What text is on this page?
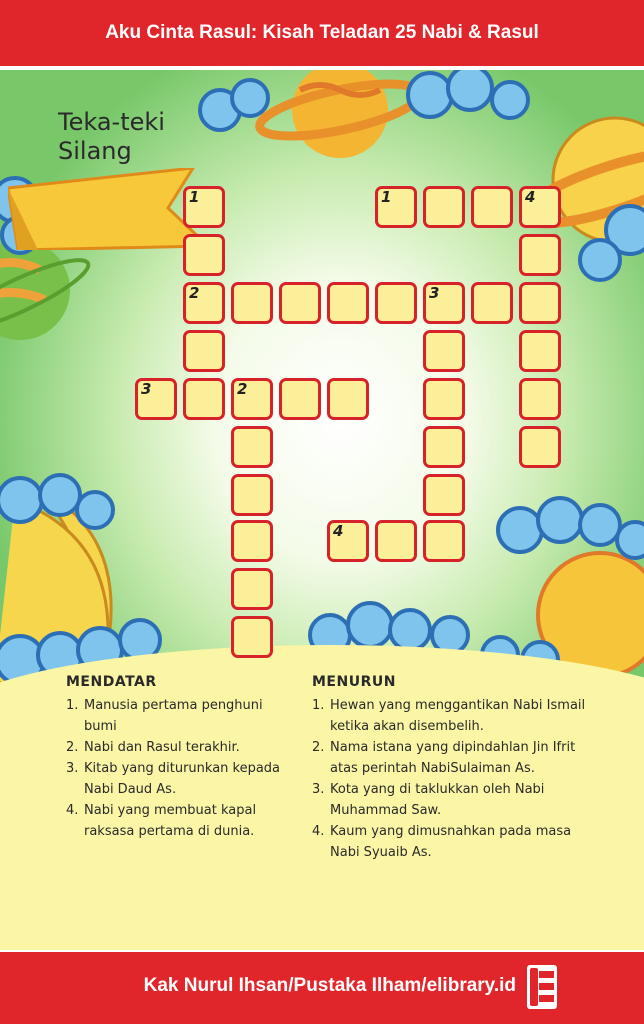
Aku Cinta Rasul: Kisah Teladan 25 Nabi & Rasul
Teka-teki
Silang
1
2	3
1	4
3	2
4
MENDATAR
1. Manusia pertama penghuni bumi
2. Nabi dan Rasul terakhir.
3. Kitab yang diturunkan kepada Nabi Daud As.
4. Nabi yang membuat kapal raksasa pertama di dunia.
MENURUN
1. Hewan yang menggantikan Nabi Ismail ketika akan disembelih.
2. Nama istana yang dipindahlan Jin Ifrit atas perintah NabiSulaiman As.
3. Kota yang di taklukkan oleh Nabi Muhammad Saw.
4. Kaum yang dimusnahkan pada masa Nabi Syuaib As.
Kak Nurul Ihsan/Pustaka Ilham/elibrary.id
